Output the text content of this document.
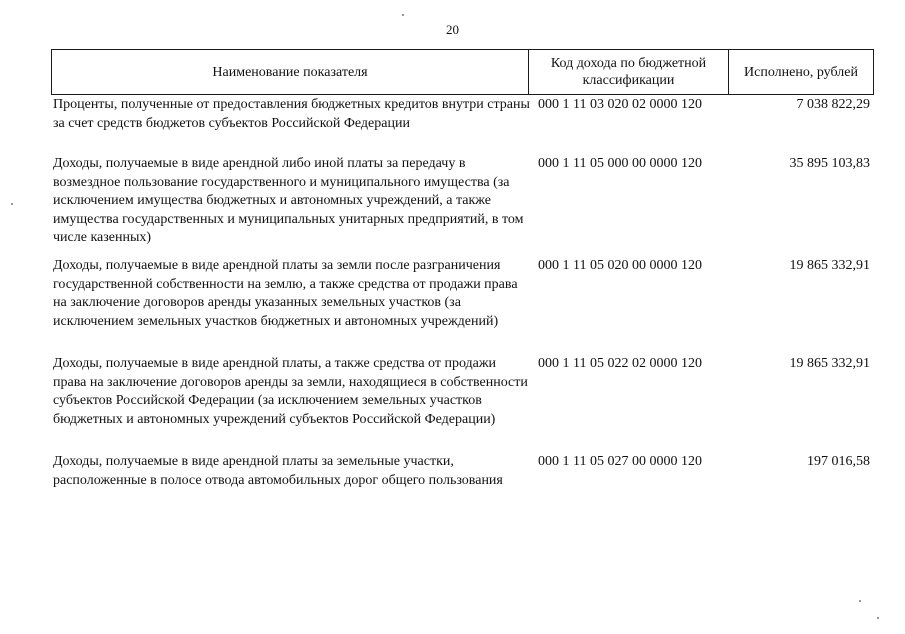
20
Наименование показателя
Код дохода по бюджетной классификации
Исполнено, рублей
Проценты, полученные от предоставления бюджетных кредитов внутри страны за счет средств бюджетов субъектов Российской Федерации
000 1 11 03 020 02 0000 120	7 038 822,29
Доходы, получаемые в виде арендной либо иной платы за передачу в возмездное пользование государственного и муниципального имущества (за исключением имущества бюджетных и автономных учреждений, а также имущества государственных и муниципальных унитарных предприятий, в том числе казенных)
000 1 11 05 000 00 0000 120	35 895 103,83
Доходы, получаемые в виде арендной платы за земли после разграничения государственной собственности на землю, а также средства от продажи права на заключение договоров аренды указанных земельных участков (за исключением земельных участков бюджетных и автономных учреждений)
000 1 11 05 020 00 0000 120	19 865 332,91
Доходы, получаемые в виде арендной платы, а также средства от продажи права на заключение договоров аренды за земли, находящиеся в собственности субъектов Российской Федерации (за исключением земельных участков бюджетных и автономных учреждений субъектов Российской Федерации)
000 1 11 05 022 02 0000 120	19 865 332,91
Доходы, получаемые в виде арендной платы за земельные участки, расположенные в полосе отвода автомобильных дорог общего пользования
000 1 11 05 027 00 0000 120	197 016,58
